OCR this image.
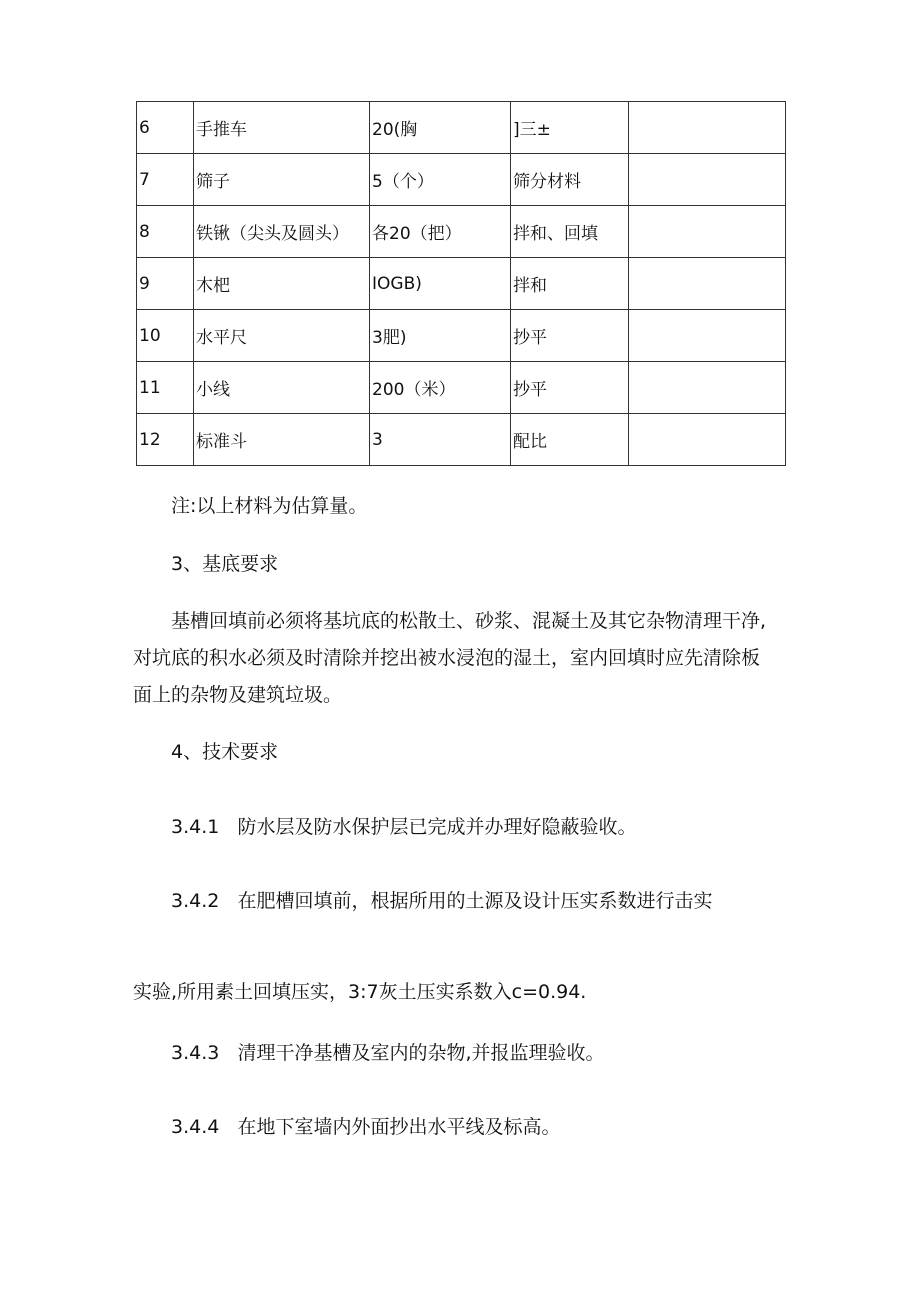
6	手推车	20(胸	]三±	
7	筛子	5（个）	筛分材料	
8	铁锹（尖头及圆头）	各20（把）	拌和、回填	
9	木杷	IOGB)	拌和	
10	水平尺	3肥)	抄平	
11	小线	200（米）	抄平	
12	标准斗	3	配比	

注:以上材料为估算量。

3、基底要求

基槽回填前必须将基坑底的松散土、砂浆、混凝土及其它杂物清理干净,
对坑底的积水必须及时清除并挖出被水浸泡的湿土，室内回填时应先清除板
面上的杂物及建筑垃圾。

4、技术要求

3.4.1   防水层及防水保护层已完成并办理好隐蔽验收。

3.4.2   在肥槽回填前，根据所用的土源及设计压实系数进行击实

实验,所用素土回填压实，3:7灰土压实系数入c=0.94.

3.4.3   清理干净基槽及室内的杂物,并报监理验收。

3.4.4   在地下室墙内外面抄出水平线及标高。
